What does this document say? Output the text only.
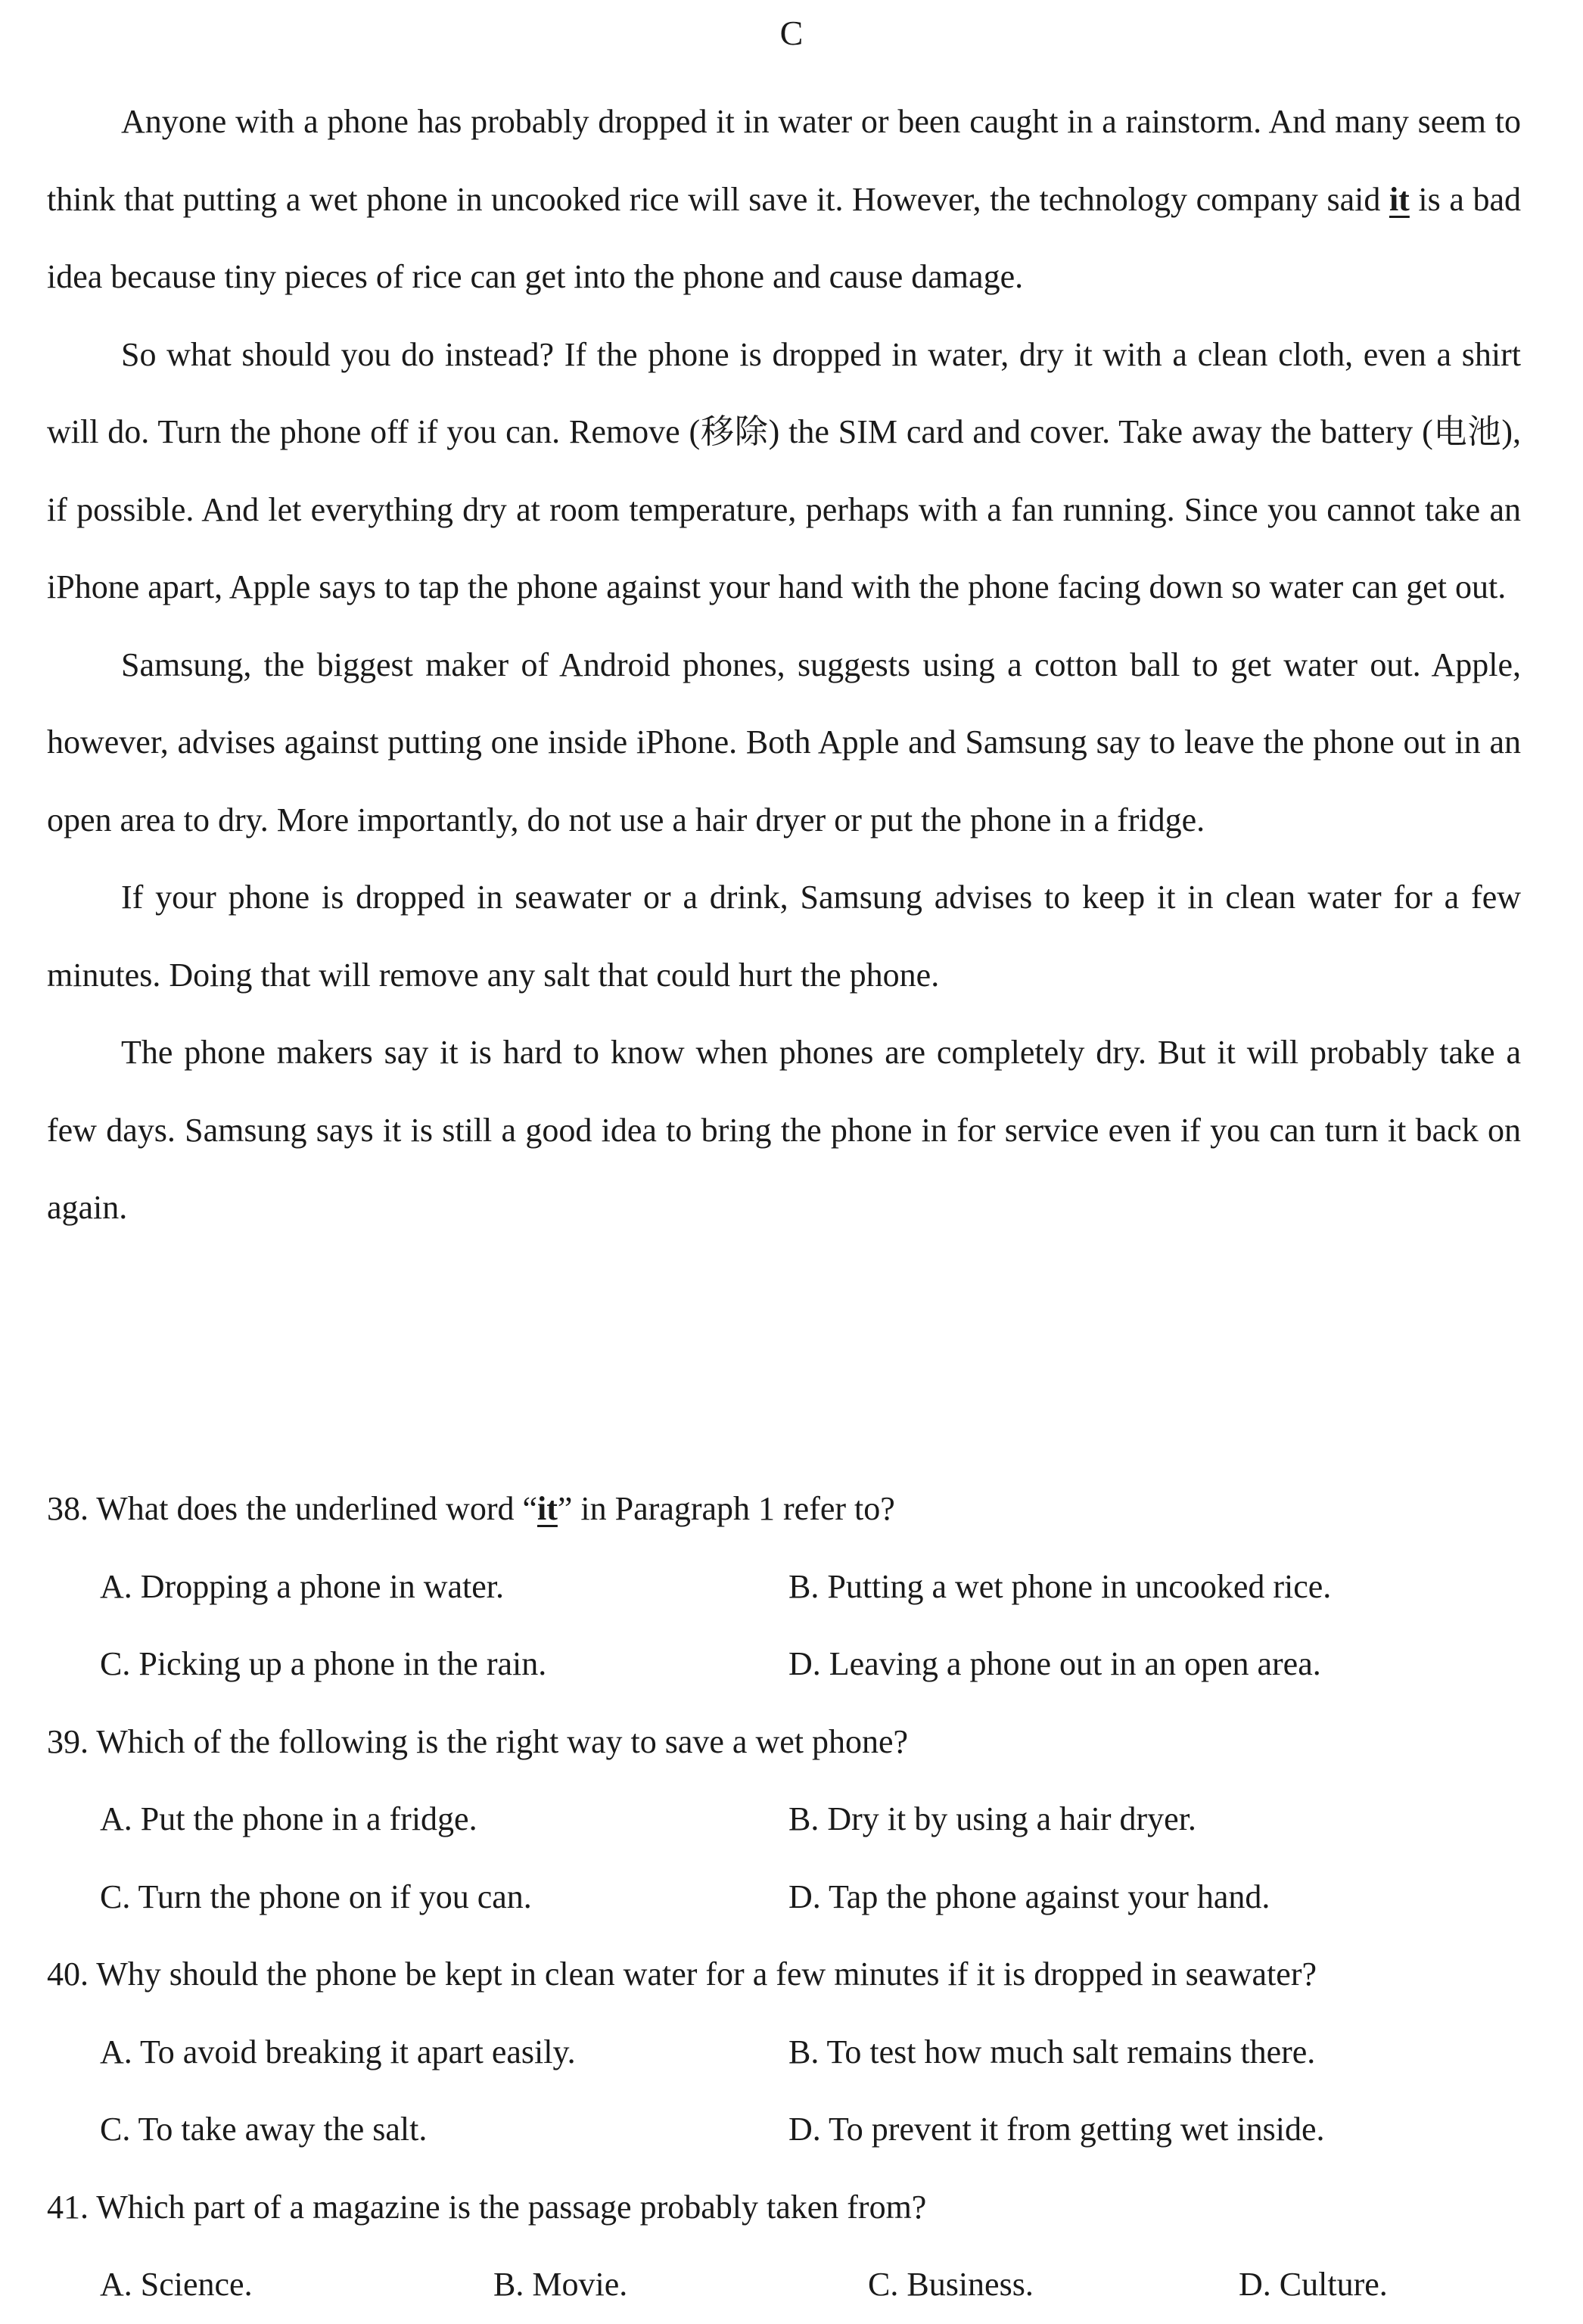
C

Anyone with a phone has probably dropped it in water or been caught in a rainstorm. And many seem to think that putting a wet phone in uncooked rice will save it. However, the technology company said it is a bad idea because tiny pieces of rice can get into the phone and cause damage.

So what should you do instead? If the phone is dropped in water, dry it with a clean cloth, even a shirt will do. Turn the phone off if you can. Remove (移除) the SIM card and cover. Take away the battery (电池), if possible. And let everything dry at room temperature, perhaps with a fan running. Since you cannot take an iPhone apart, Apple says to tap the phone against your hand with the phone facing down so water can get out.

Samsung, the biggest maker of Android phones, suggests using a cotton ball to get water out. Apple, however, advises against putting one inside iPhone. Both Apple and Samsung say to leave the phone out in an open area to dry. More importantly, do not use a hair dryer or put the phone in a fridge.

If your phone is dropped in seawater or a drink, Samsung advises to keep it in clean water for a few minutes. Doing that will remove any salt that could hurt the phone.

The phone makers say it is hard to know when phones are completely dry. But it will probably take a few days. Samsung says it is still a good idea to bring the phone in for service even if you can turn it back on again.

38. What does the underlined word “it” in Paragraph 1 refer to?

A. Dropping a phone in water.	B. Putting a wet phone in uncooked rice.
C. Picking up a phone in the rain.	D. Leaving a phone out in an open area.

39. Which of the following is the right way to save a wet phone?

A. Put the phone in a fridge.	B. Dry it by using a hair dryer.
C. Turn the phone on if you can.	D. Tap the phone against your hand.

40. Why should the phone be kept in clean water for a few minutes if it is dropped in seawater?

A. To avoid breaking it apart easily.	B. To test how much salt remains there.
C. To take away the salt.	D. To prevent it from getting wet inside.

41. Which part of a magazine is the passage probably taken from?

A. Science.	B. Movie.	C. Business.	D. Culture.
